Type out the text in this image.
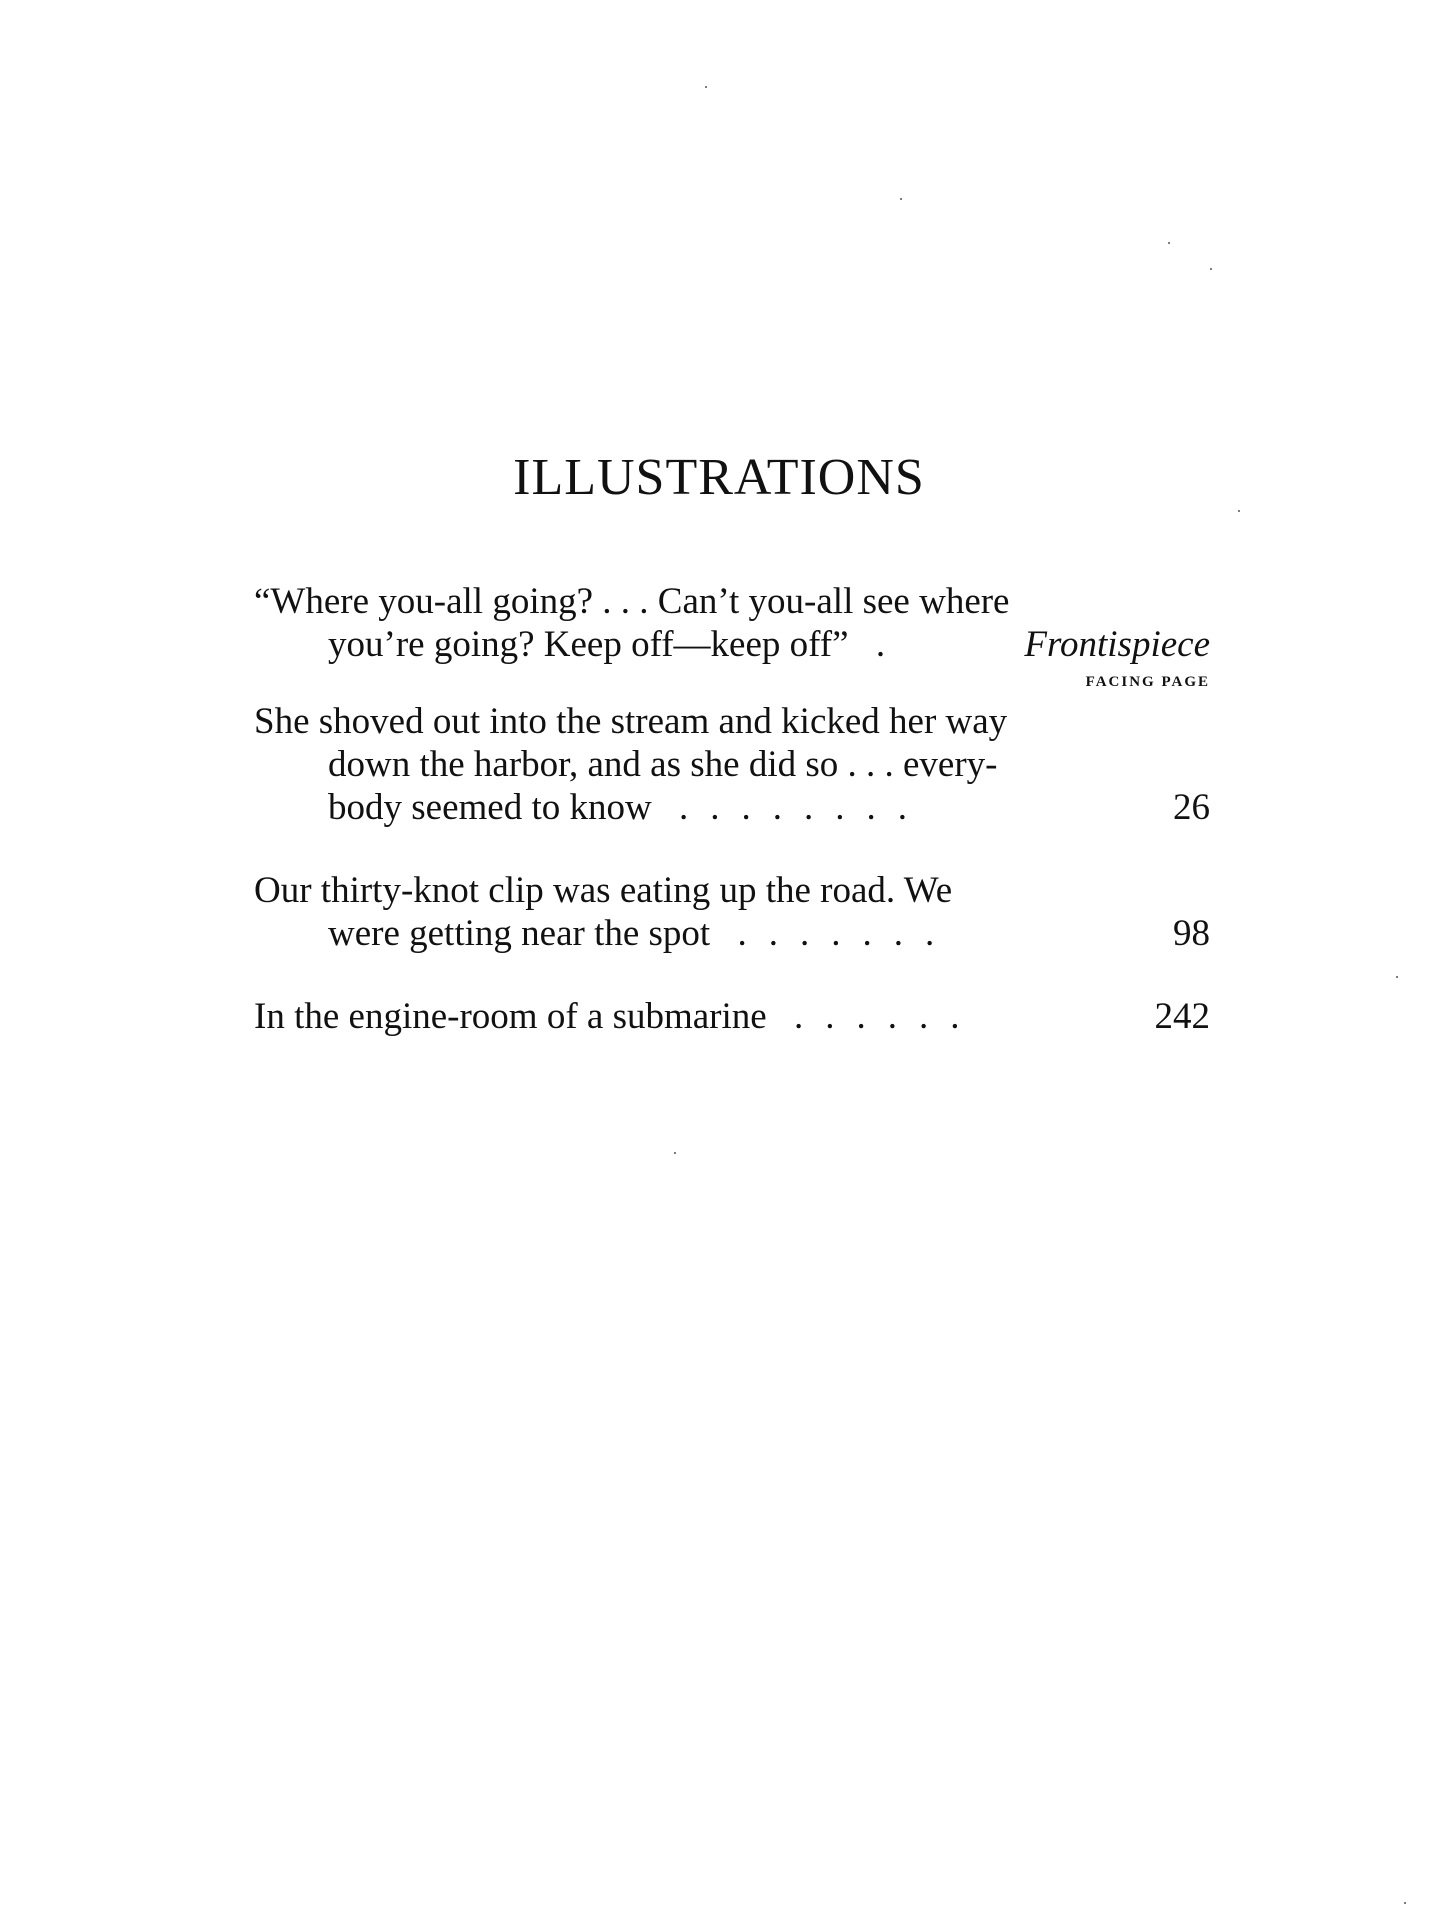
ILLUSTRATIONS
“Where you-all going? . . . Can’t you-all see where
you’re going? Keep off—keep off” .	Frontispiece
FACING PAGE
She shoved out into the stream and kicked her way
down the harbor, and as she did so . . . every-
body seemed to know ........	26
Our thirty-knot clip was eating up the road. We
were getting near the spot .......	98
In the engine-room of a submarine ......	242
